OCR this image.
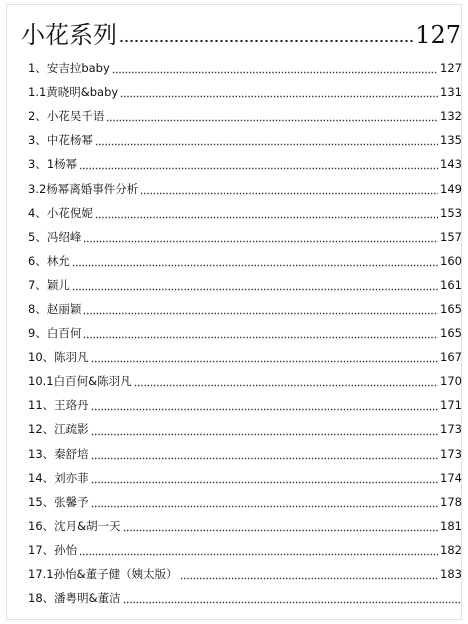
小花系列	127
1、安吉拉baby	127
1.1黄晓明&baby	131
2、小花吴千语	132
3、中花杨幂	135
3、1杨幂	143
3.2杨幂离婚事件分析	149
4、小花倪妮	153
5、冯绍峰	157
6、林允	160
7、颖儿	161
8、赵丽颖	165
9、白百何	165
10、陈羽凡	167
10.1白百何&陈羽凡	170
11、王珞丹	171
12、江疏影	173
13、秦舒培	173
14、刘亦菲	174
15、张馨予	178
16、沈月&胡一天	181
17、孙怡	182
17.1孙怡&董子健（姨太版）	183
18、潘粤明&董洁
